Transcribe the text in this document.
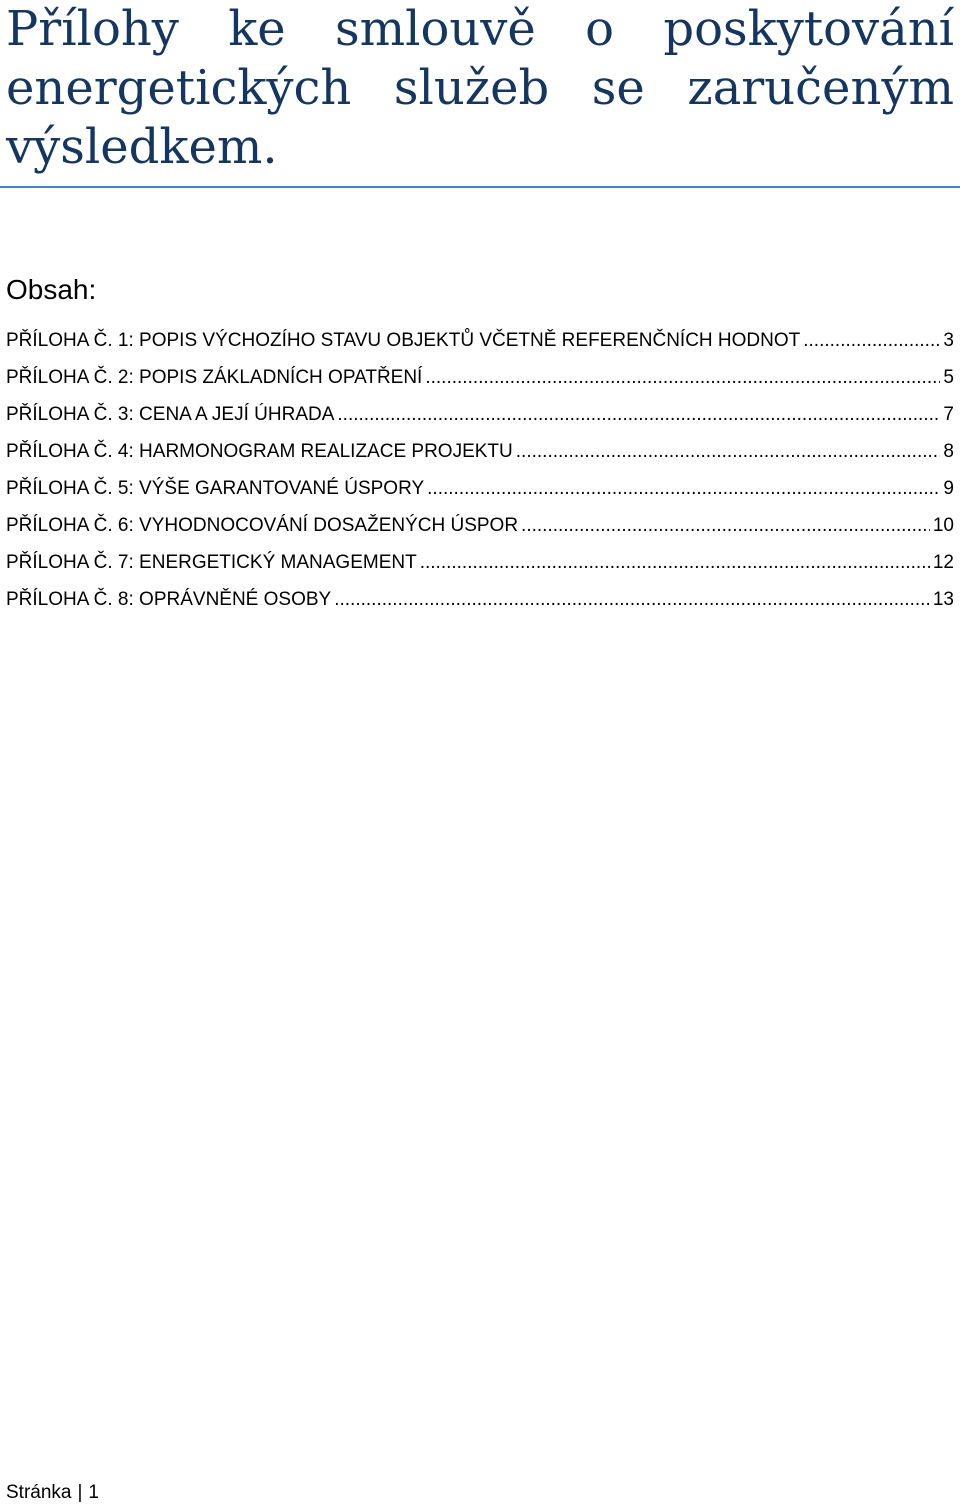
Přílohy ke smlouvě o poskytování
energetických služeb se zaručeným
výsledkem.
Obsah:
PŘÍLOHA Č. 1: POPIS VÝCHOZÍHO STAVU OBJEKTŮ VČETNĚ REFERENČNÍCH HODNOT .....	3
PŘÍLOHA Č. 2: POPIS ZÁKLADNÍCH OPATŘENÍ .....	5
PŘÍLOHA Č. 3: CENA A JEJÍ ÚHRADA .....	7
PŘÍLOHA Č. 4: HARMONOGRAM REALIZACE PROJEKTU .....	8
PŘÍLOHA Č. 5: VÝŠE GARANTOVANÉ ÚSPORY .....	9
PŘÍLOHA Č. 6: VYHODNOCOVÁNÍ DOSAŽENÝCH ÚSPOR .....	10
PŘÍLOHA Č. 7: ENERGETICKÝ MANAGEMENT .....	12
PŘÍLOHA Č. 8: OPRÁVNĚNÉ OSOBY .....	13
Stránka | 1
